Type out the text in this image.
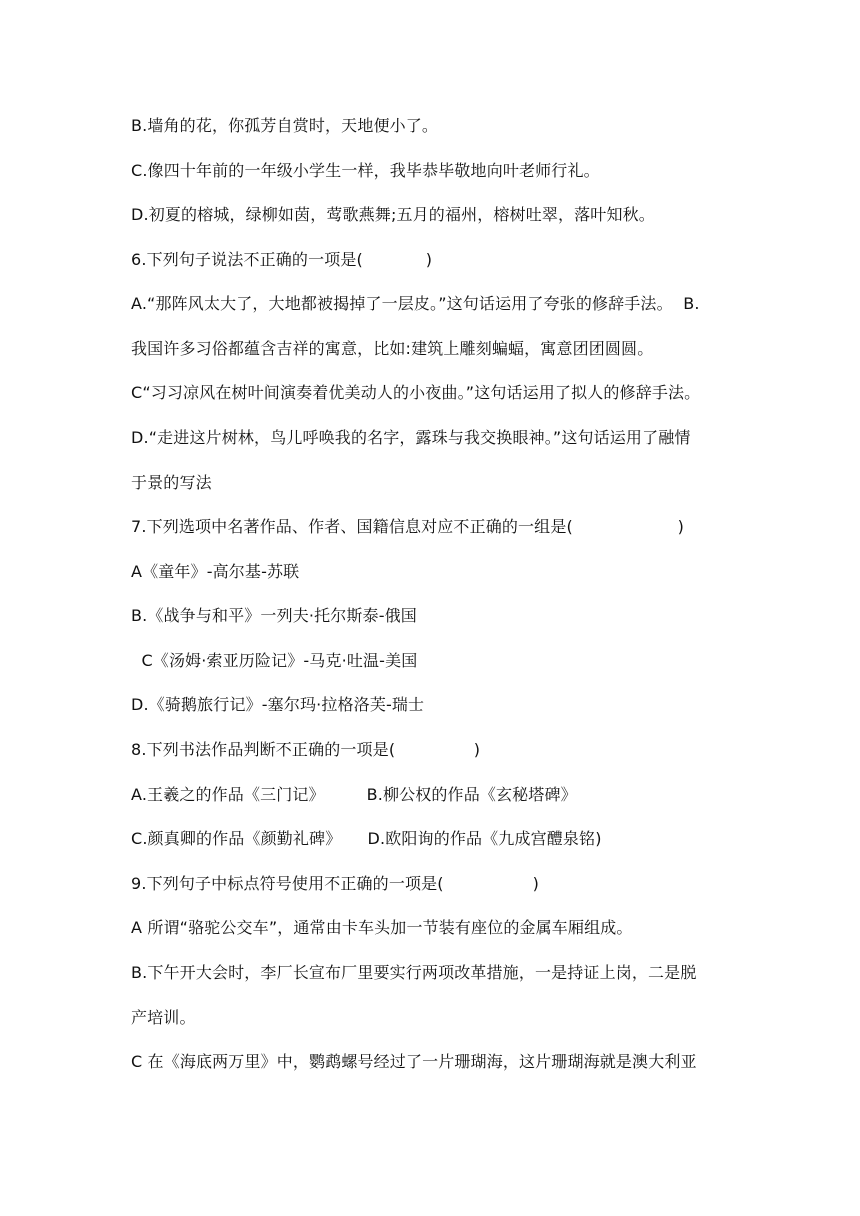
B.墙角的花，你孤芳自赏时，天地便小了。
C.像四十年前的一年级小学生一样，我毕恭毕敬地向叶老师行礼。
D.初夏的榕城，绿柳如茵，莺歌燕舞;五月的福州，榕树吐翠，落叶知秋。
6.下列句子说法不正确的一项是(            )
A.“那阵风太大了，大地都被揭掉了一层皮。”这句话运用了夸张的修辞手法。  B.
我国许多习俗都蕴含吉祥的寓意，比如:建筑上雕刻蝙蝠，寓意团团圆圆。
C“习习凉风在树叶间演奏着优美动人的小夜曲。”这句话运用了拟人的修辞手法。
D.“走进这片树林，鸟儿呼唤我的名字，露珠与我交换眼神。”这句话运用了融情
于景的写法
7.下列选项中名著作品、作者、国籍信息对应不正确的一组是(                    )
A《童年》-高尔基-苏联
B.《战争与和平》一列夫·托尔斯泰-俄国
C《汤姆·索亚历险记》-马克·吐温-美国
D.《骑鹅旅行记》-塞尔玛·拉格洛芙-瑞士
8.下列书法作品判断不正确的一项是(               )
A.王羲之的作品《三门记》        B.柳公权的作品《玄秘塔碑》
C.颜真卿的作品《颜勤礼碑》     D.欧阳询的作品《九成宫醴泉铭)
9.下列句子中标点符号使用不正确的一项是(                 )
A 所谓“骆驼公交车”，通常由卡车头加一节装有座位的金属车厢组成。
B.下午开大会时，李厂长宣布厂里要实行两项改革措施，一是持证上岗，二是脱
产培训。
C 在《海底两万里》中，鹦鹉螺号经过了一片珊瑚海，这片珊瑚海就是澳大利亚
